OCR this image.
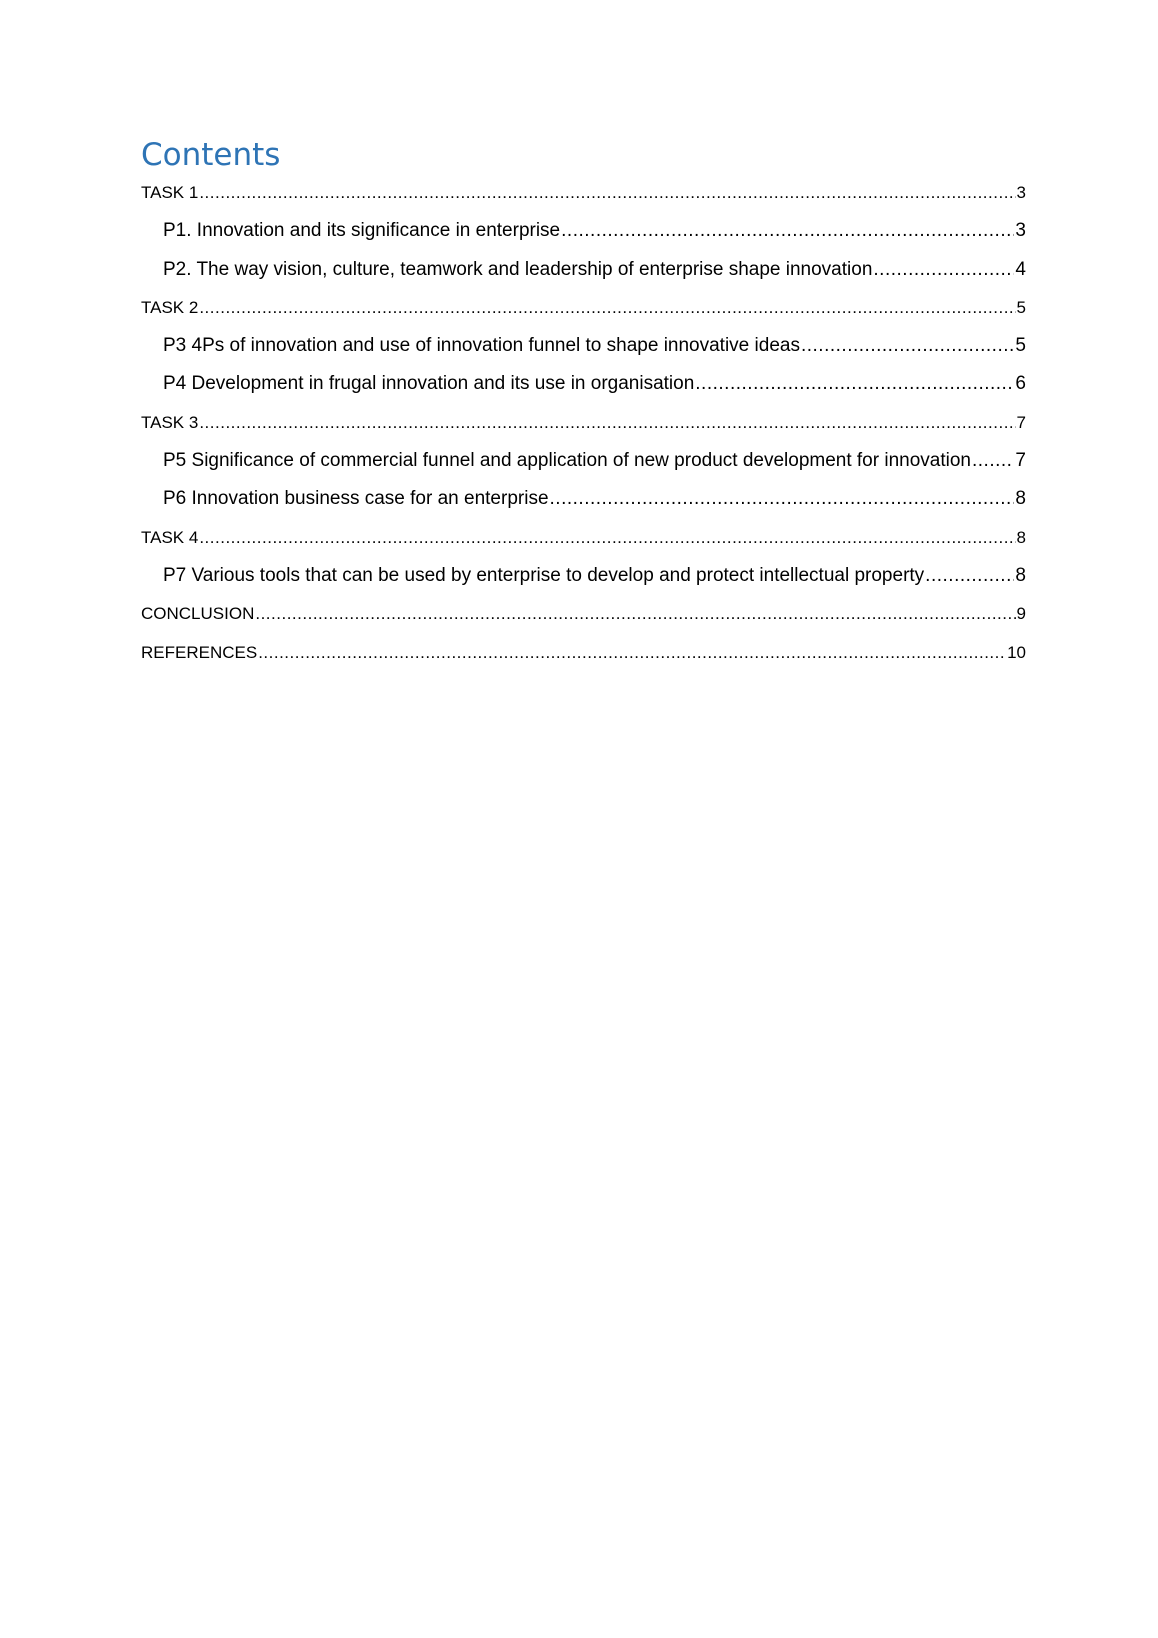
Contents
TASK 1 .....	3
P1. Innovation and its significance in enterprise .....	3
P2. The way vision, culture, teamwork and leadership of enterprise shape innovation .....	4
TASK 2 .....	5
P3 4Ps of innovation and use of innovation funnel to shape innovative ideas .....	5
P4 Development in frugal innovation and its use in organisation .....	6
TASK 3 .....	7
P5 Significance of commercial funnel and application of new product development for innovation ..... 7
P6 Innovation business case for an enterprise .....	8
TASK 4 .....	8
P7 Various tools that can be used by enterprise to develop and protect intellectual property .....	8
CONCLUSION .....	9
REFERENCES .....	10
